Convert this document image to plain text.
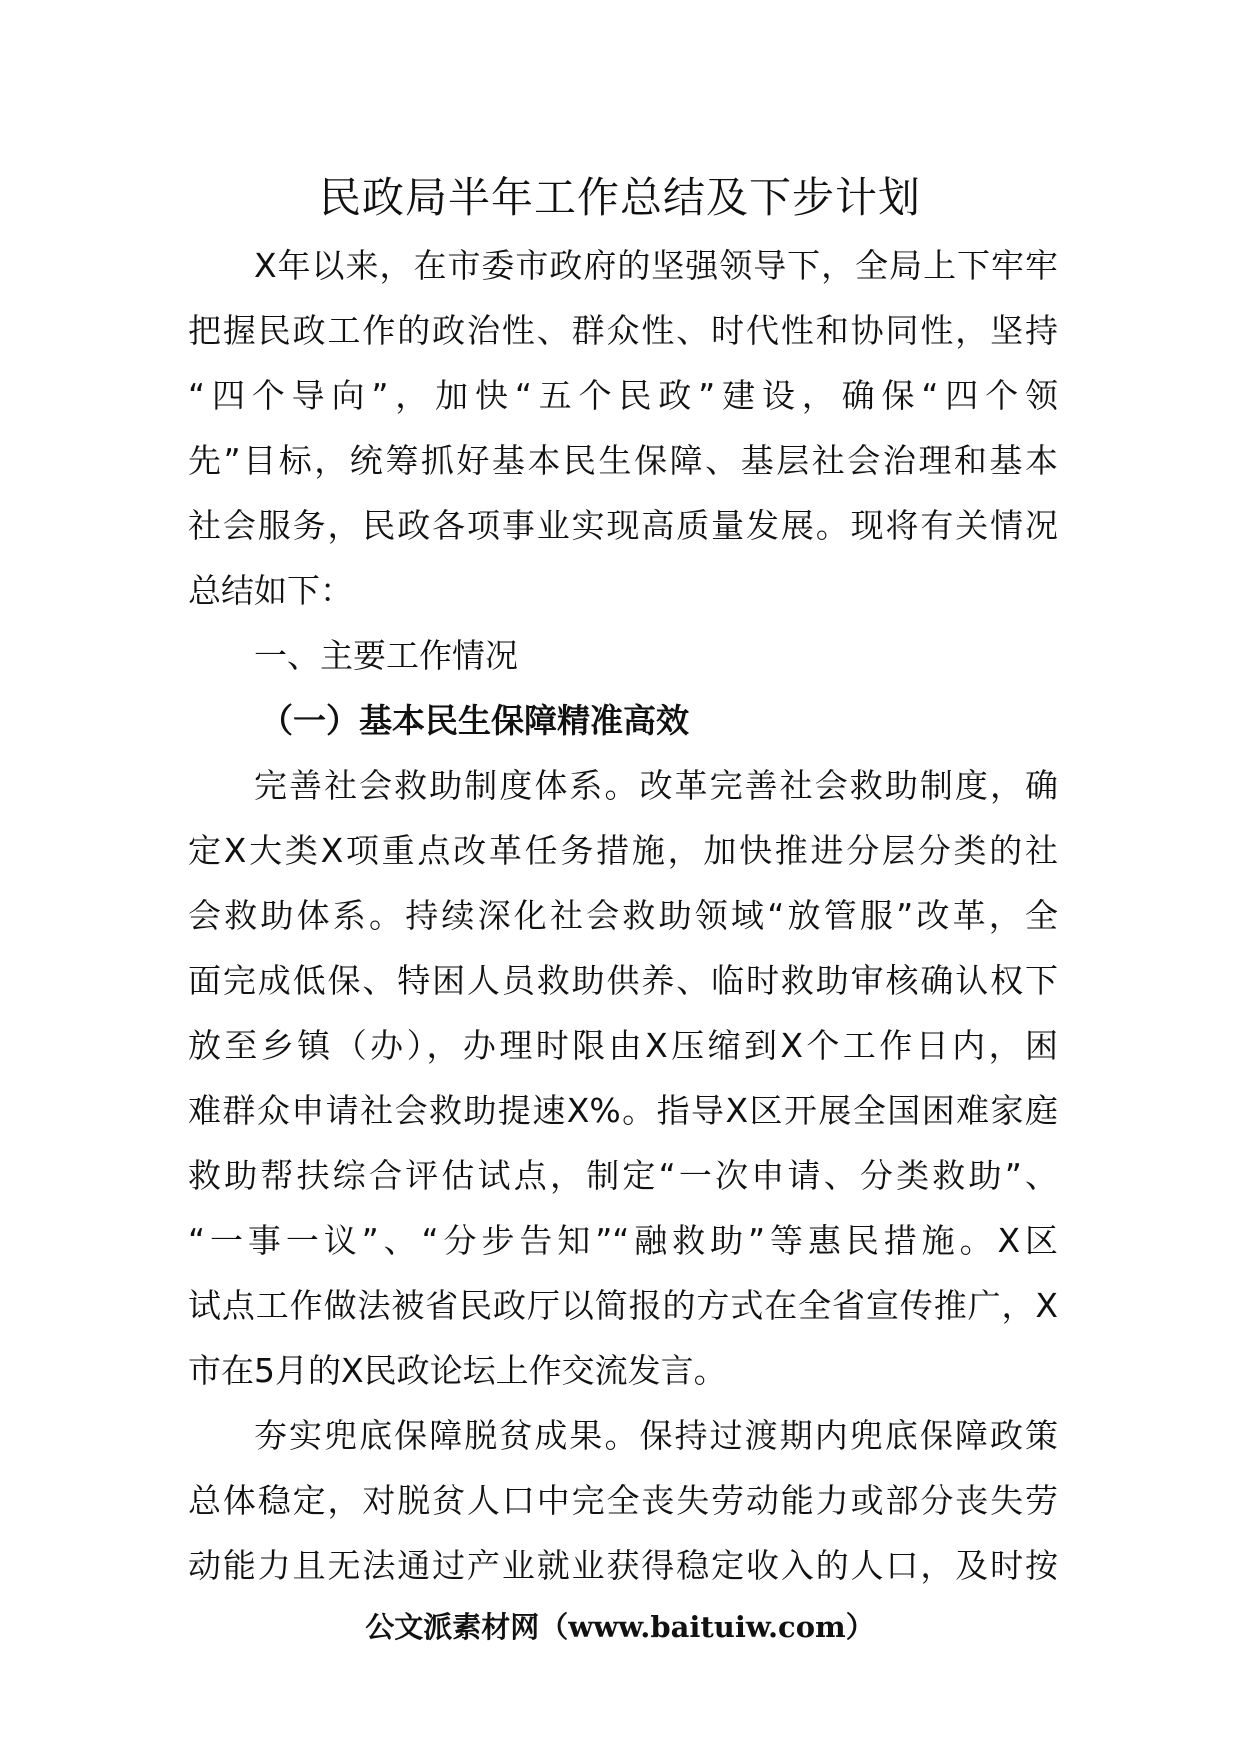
民政局半年工作总结及下步计划
X年以来，在市委市政府的坚强领导下，全局上下牢牢
把握民政工作的政治性、群众性、时代性和协同性，坚持
“四个导向”，加快“五个民政”建设，确保“四个领
先”目标，统筹抓好基本民生保障、基层社会治理和基本
社会服务，民政各项事业实现高质量发展。现将有关情况
总结如下：
一、主要工作情况
（一）基本民生保障精准高效
完善社会救助制度体系。改革完善社会救助制度，确
定X大类X项重点改革任务措施，加快推进分层分类的社
会救助体系。持续深化社会救助领域“放管服”改革，全
面完成低保、特困人员救助供养、临时救助审核确认权下
放至乡镇（办），办理时限由X压缩到X个工作日内，困
难群众申请社会救助提速X%。指导X区开展全国困难家庭
救助帮扶综合评估试点，制定“一次申请、分类救助”、
“一事一议”、“分步告知”“融救助”等惠民措施。X区
试点工作做法被省民政厅以简报的方式在全省宣传推广，X
市在5月的X民政论坛上作交流发言。
夯实兜底保障脱贫成果。保持过渡期内兜底保障政策
总体稳定，对脱贫人口中完全丧失劳动能力或部分丧失劳
动能力且无法通过产业就业获得稳定收入的人口，及时按
公文派素材网（www.baituiw.com）
